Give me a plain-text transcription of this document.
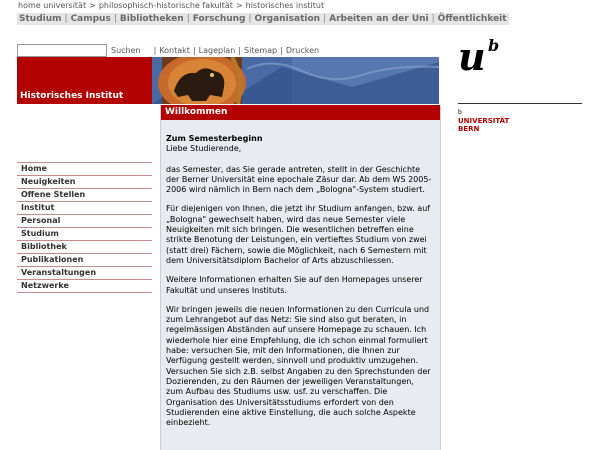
home universität > philosophisch-historische fakultät > historisches institut
Studium | Campus | Bibliotheken | Forschung | Organisation | Arbeiten an der Uni | Öffentlichkeit
Suchen | Kontakt | Lageplan | Sitemap | Drucken
Historisches Institut
u b
b
UNIVERSITÄT
BERN
Home
Neuigkeiten
Offene Stellen
Institut
Personal
Studium
Bibliothek
Publikationen
Veranstaltungen
Netzwerke
Willkommen
Zum Semesterbeginn

Liebe Studierende,

das Semester, das Sie gerade antreten, stellt in der Geschichte der Berner Universität eine epochale Zäsur dar. Ab dem WS 2005-2006 wird nämlich in Bern nach dem „Bologna"-System studiert.

Für diejenigen von Ihnen, die jetzt ihr Studium anfangen, bzw. auf „Bologna" gewechselt haben, wird das neue Semester viele Neuigkeiten mit sich bringen. Die wesentlichen betreffen eine strikte Benotung der Leistungen, ein vertieftes Studium von zwei (statt drei) Fächern, sowie die Möglichkeit, nach 6 Semestern mit dem Universitätsdiplom Bachelor of Arts abzuschliessen.

Weitere Informationen erhalten Sie auf den Homepages unserer Fakultät und unseres Instituts.

Wir bringen jeweils die neuen Informationen zu den Curricula und zum Lehrangebot auf das Netz: Sie sind also gut beraten, in regelmässigen Abständen auf unsere Homepage zu schauen. Ich wiederhole hier eine Empfehlung, die ich schon einmal formuliert habe: versuchen Sie, mit den Informationen, die Ihnen zur Verfügung gestellt werden, sinnvoll und produktiv umzugehen. Versuchen Sie sich z.B. selbst Angaben zu den Sprechstunden der Dozierenden, zu den Räumen der jeweiligen Veranstaltungen, zum Aufbau des Studiums usw. usf. zu verschaffen. Die Organisation des Universitätsstudiums erfordert von den Studierenden eine aktive Einstellung, die auch solche Aspekte einbezieht.
